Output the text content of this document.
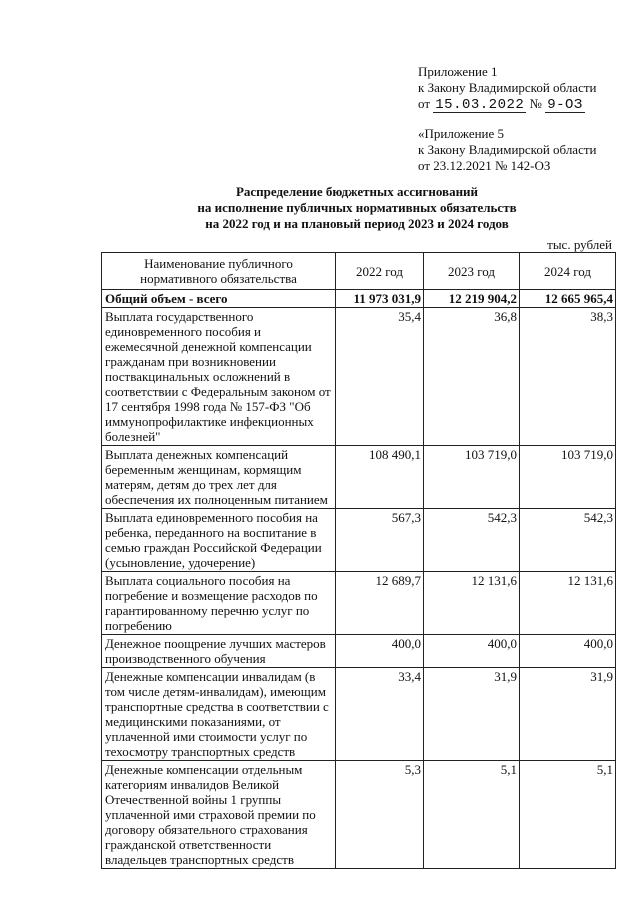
Приложение 1
к Закону Владимирской области
от 15.03.2022 № 9-ОЗ
«Приложение 5
к Закону Владимирской области
от 23.12.2021 № 142-ОЗ
Распределение бюджетных ассигнований
на исполнение публичных нормативных обязательств
на 2022 год и на плановый период 2023 и 2024 годов
тыс. рублей
Наименование публичного нормативного обязательства	2022 год	2023 год	2024 год
Общий объем - всего	11 973 031,9	12 219 904,2	12 665 965,4
Выплата государственного единовременного пособия и ежемесячной денежной компенсации гражданам при возникновении поствакцинальных осложнений в соответствии с Федеральным законом от 17 сентября 1998 года № 157-ФЗ "Об иммунопрофилактике инфекционных болезней"	35,4	36,8	38,3
Выплата денежных компенсаций беременным женщинам, кормящим матерям, детям до трех лет для обеспечения их полноценным питанием	108 490,1	103 719,0	103 719,0
Выплата единовременного пособия на ребенка, переданного на воспитание в семью граждан Российской Федерации (усыновление, удочерение)	567,3	542,3	542,3
Выплата социального пособия на погребение и возмещение расходов по гарантированному перечню услуг по погребению	12 689,7	12 131,6	12 131,6
Денежное поощрение лучших мастеров производственного обучения	400,0	400,0	400,0
Денежные компенсации инвалидам (в том числе детям-инвалидам), имеющим транспортные средства в соответствии с медицинскими показаниями, от уплаченной ими стоимости услуг по техосмотру транспортных средств	33,4	31,9	31,9
Денежные компенсации отдельным категориям инвалидов Великой Отечественной войны 1 группы уплаченной ими страховой премии по договору обязательного страхования гражданской ответственности владельцев транспортных средств	5,3	5,1	5,1
